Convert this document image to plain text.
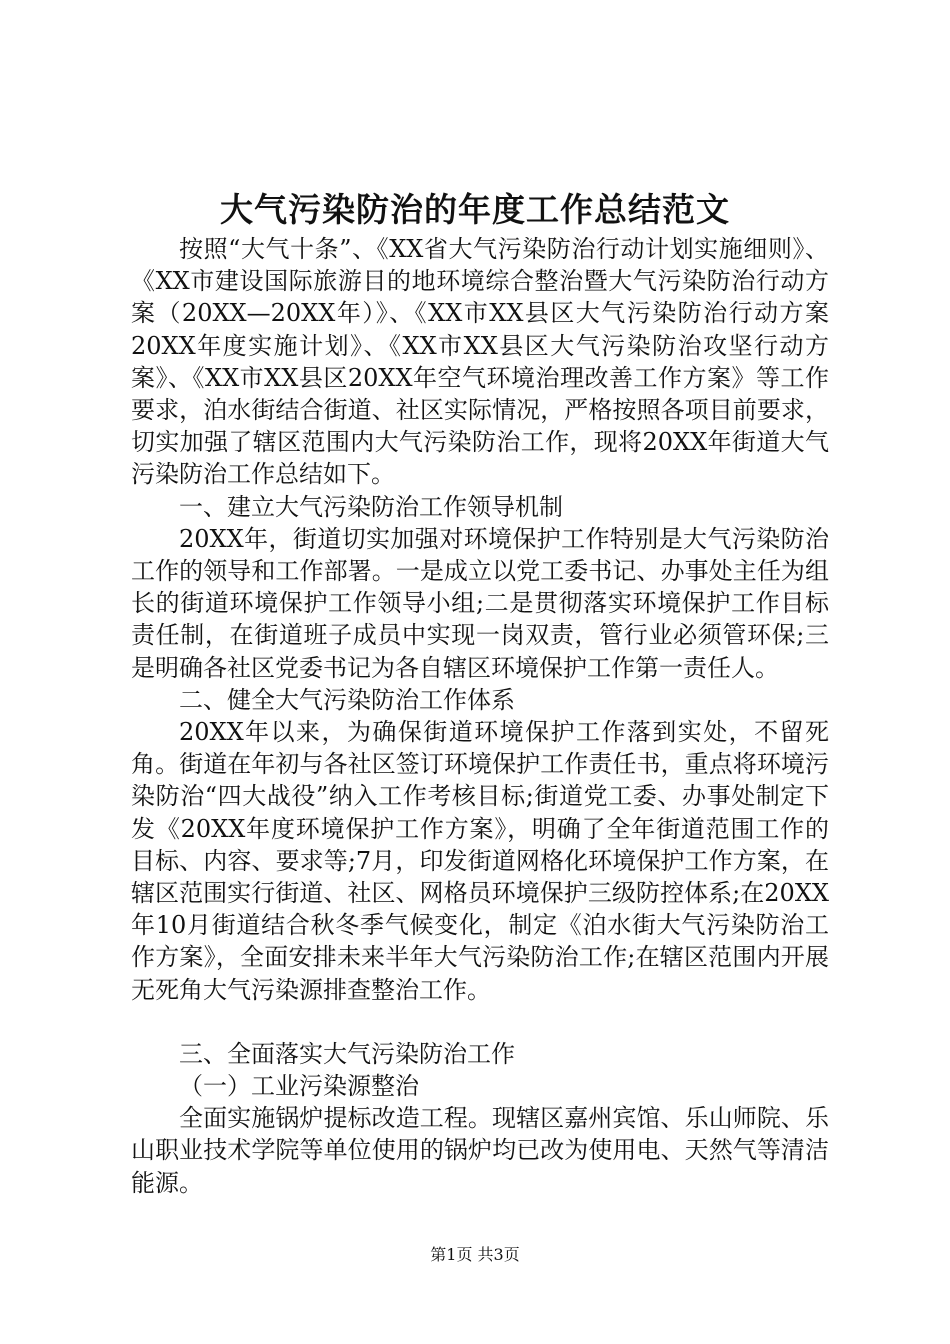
大气污染防治的年度工作总结范文

按照“大气十条”、《XX省大气污染防治行动计划实施细则》、《XX市建设国际旅游目的地环境综合整治暨大气污染防治行动方案（20XX—20XX年）》、《XX市XX县区大气污染防治行动方案20XX年度实施计划》、《XX市XX县区大气污染防治攻坚行动方案》、《XX市XX县区20XX年空气环境治理改善工作方案》等工作要求，泊水街结合街道、社区实际情况，严格按照各项目前要求，切实加强了辖区范围内大气污染防治工作，现将20XX年街道大气污染防治工作总结如下。

一、建立大气污染防治工作领导机制

20XX年，街道切实加强对环境保护工作特别是大气污染防治工作的领导和工作部署。一是成立以党工委书记、办事处主任为组长的街道环境保护工作领导小组;二是贯彻落实环境保护工作目标责任制，在街道班子成员中实现一岗双责，管行业必须管环保;三是明确各社区党委书记为各自辖区环境保护工作第一责任人。

二、健全大气污染防治工作体系

20XX年以来，为确保街道环境保护工作落到实处，不留死角。街道在年初与各社区签订环境保护工作责任书，重点将环境污染防治“四大战役”纳入工作考核目标;街道党工委、办事处制定下发《20XX年度环境保护工作方案》，明确了全年街道范围工作的目标、内容、要求等;7月，印发街道网格化环境保护工作方案，在辖区范围实行街道、社区、网格员环境保护三级防控体系;在20XX年10月街道结合秋冬季气候变化，制定《泊水街大气污染防治工作方案》，全面安排未来半年大气污染防治工作;在辖区范围内开展无死角大气污染源排查整治工作。

三、全面落实大气污染防治工作

（一）工业污染源整治

全面实施锅炉提标改造工程。现辖区嘉州宾馆、乐山师院、乐山职业技术学院等单位使用的锅炉均已改为使用电、天然气等清洁能源。

第1页 共3页
